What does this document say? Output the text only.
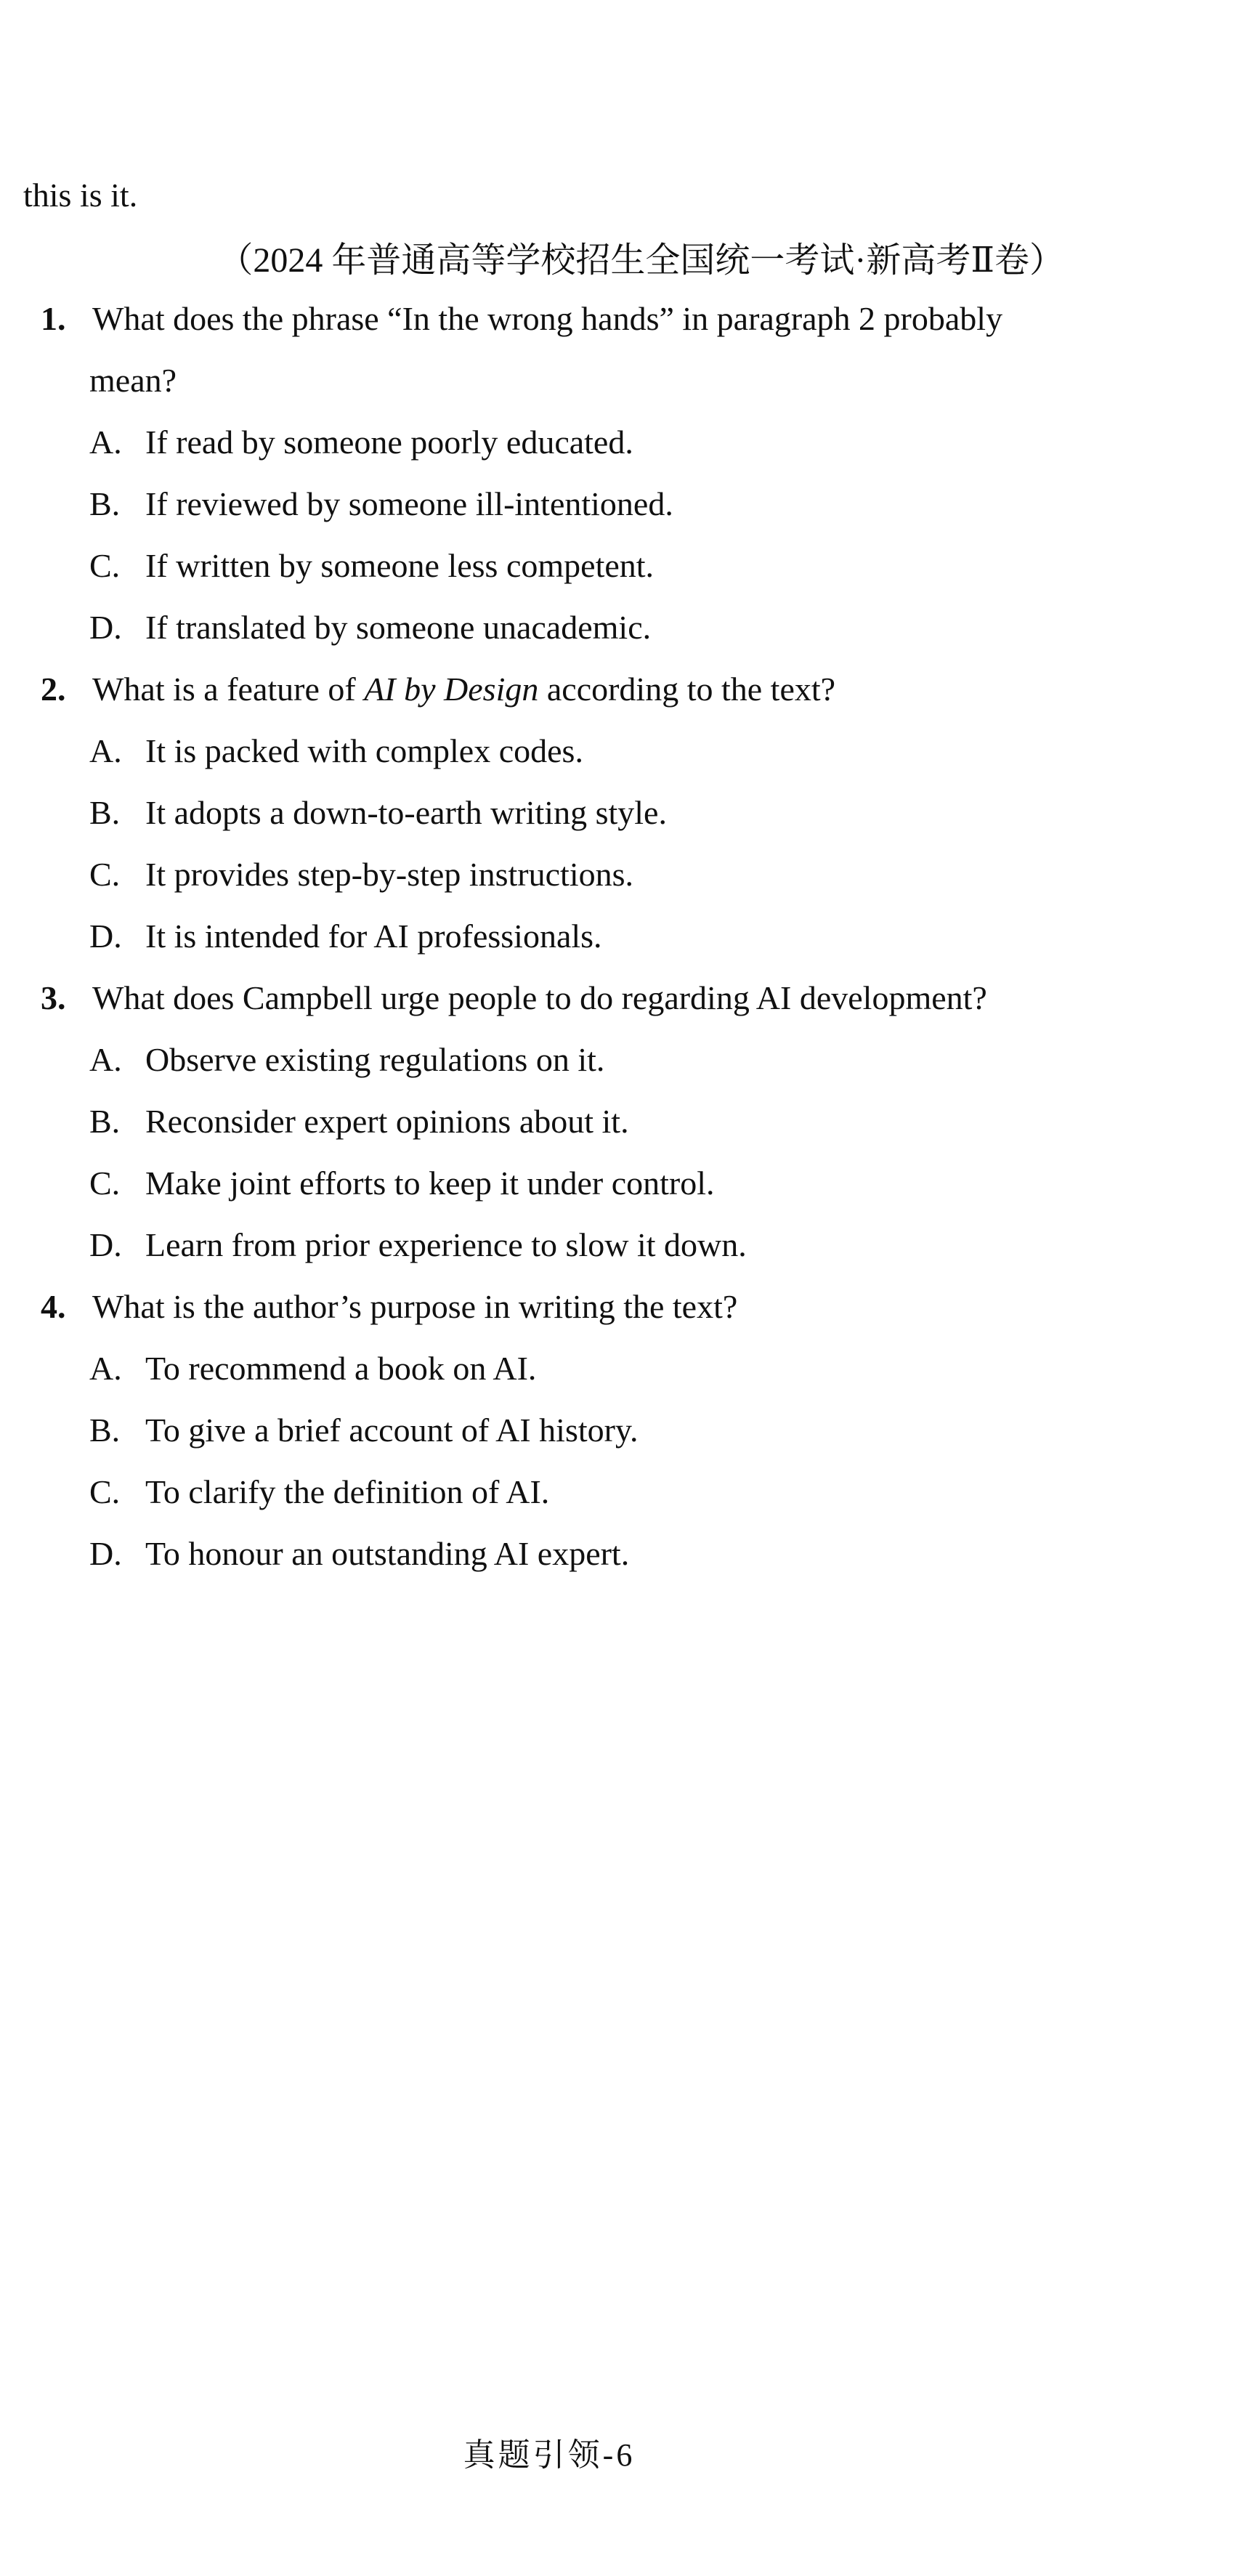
this is it.
（2024 年普通高等学校招生全国统一考试·新高考Ⅱ卷）
1. What does the phrase “In the wrong hands” in paragraph 2 probably
mean?
A. If read by someone poorly educated.
B. If reviewed by someone ill-intentioned.
C. If written by someone less competent.
D. If translated by someone unacademic.
2. What is a feature of AI by Design according to the text?
A. It is packed with complex codes.
B. It adopts a down-to-earth writing style.
C. It provides step-by-step instructions.
D. It is intended for AI professionals.
3. What does Campbell urge people to do regarding AI development?
A. Observe existing regulations on it.
B. Reconsider expert opinions about it.
C. Make joint efforts to keep it under control.
D. Learn from prior experience to slow it down.
4. What is the author’s purpose in writing the text?
A. To recommend a book on AI.
B. To give a brief account of AI history.
C. To clarify the definition of AI.
D. To honour an outstanding AI expert.
真题引领-6
